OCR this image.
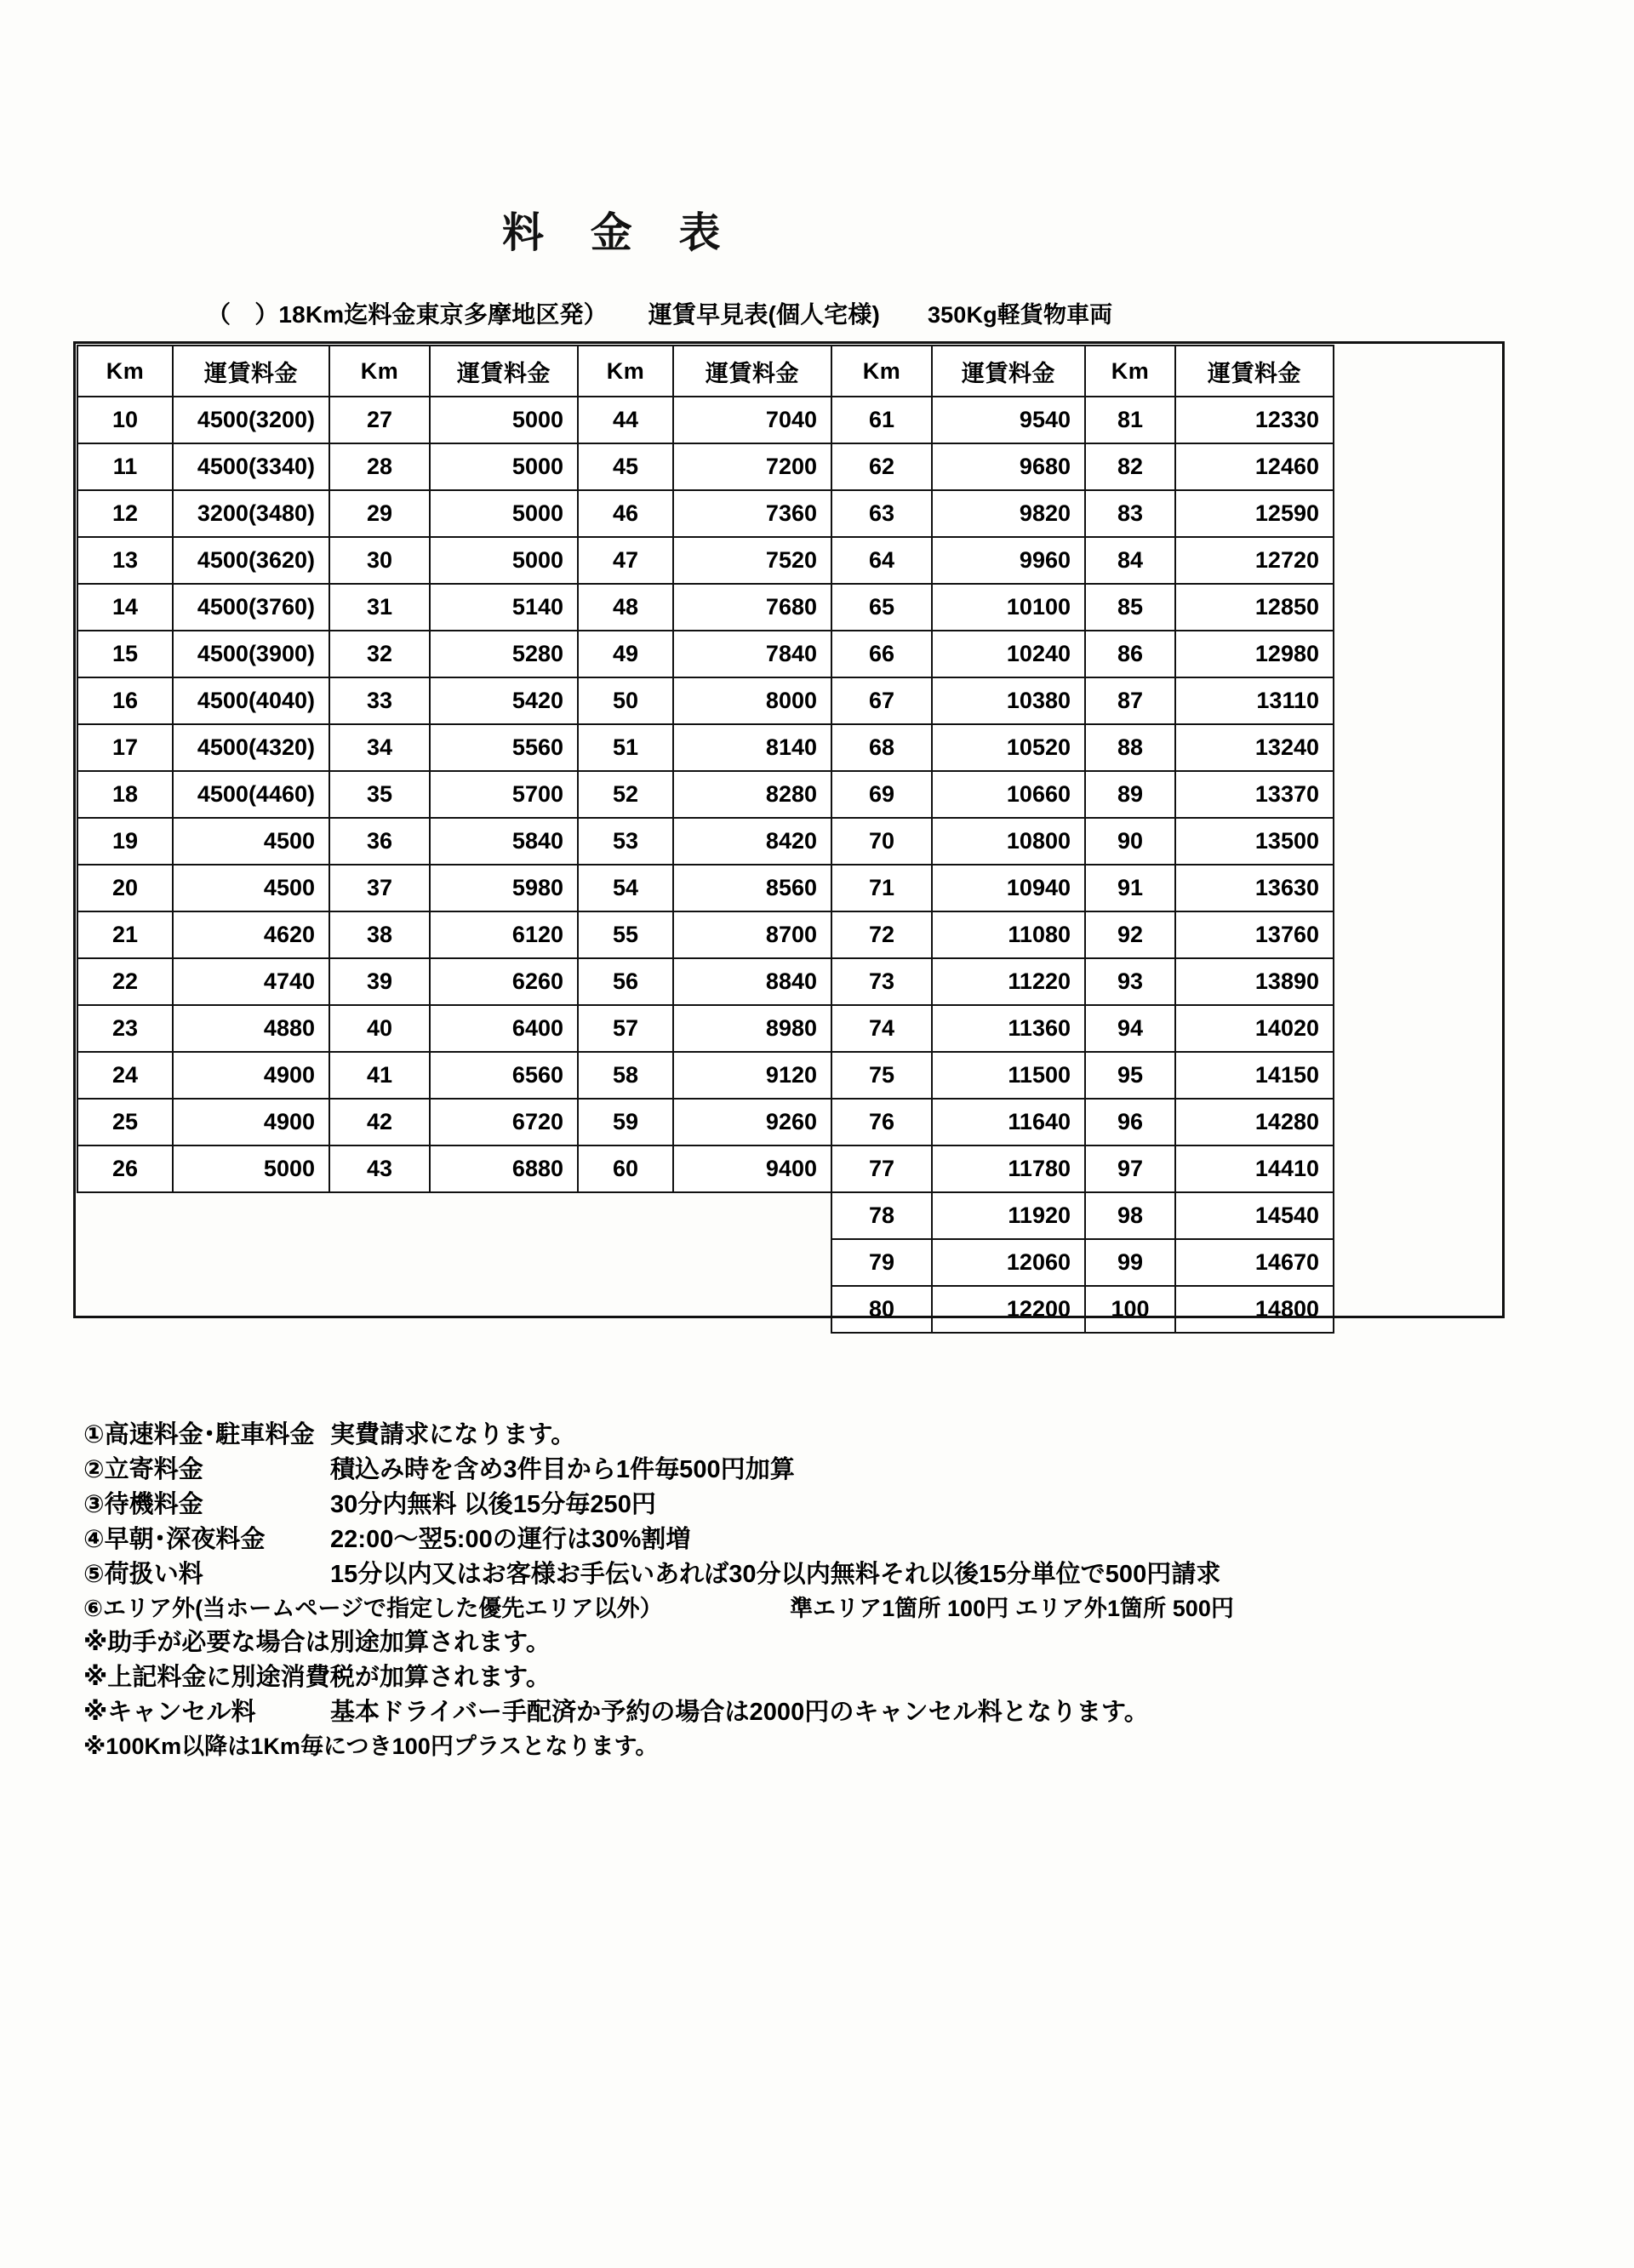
料 金 表
（　）18Km迄料金東京多摩地区発） 運賃早見表(個人宅様) 350Kg軽貨物車両
Km	運賃料金	Km	運賃料金	Km	運賃料金	Km	運賃料金	Km	運賃料金
10	4500(3200)	27	5000	44	7040	61	9540	81	12330
11	4500(3340)	28	5000	45	7200	62	9680	82	12460
12	3200(3480)	29	5000	46	7360	63	9820	83	12590
13	4500(3620)	30	5000	47	7520	64	9960	84	12720
14	4500(3760)	31	5140	48	7680	65	10100	85	12850
15	4500(3900)	32	5280	49	7840	66	10240	86	12980
16	4500(4040)	33	5420	50	8000	67	10380	87	13110
17	4500(4320)	34	5560	51	8140	68	10520	88	13240
18	4500(4460)	35	5700	52	8280	69	10660	89	13370
19	4500	36	5840	53	8420	70	10800	90	13500
20	4500	37	5980	54	8560	71	10940	91	13630
21	4620	38	6120	55	8700	72	11080	92	13760
22	4740	39	6260	56	8840	73	11220	93	13890
23	4880	40	6400	57	8980	74	11360	94	14020
24	4900	41	6560	58	9120	75	11500	95	14150
25	4900	42	6720	59	9260	76	11640	96	14280
26	5000	43	6880	60	9400	77	11780	97	14410
						78	11920	98	14540
						79	12060	99	14670
						80	12200	100	14800
①高速料金･駐車料金 実費請求になります。
②立寄料金	積込み時を含め3件目から1件毎500円加算
③待機料金	30分内無料 以後15分毎250円
④早朝･深夜料金	22:00〜翌5:00の運行は30%割増
⑤荷扱い料	15分以内又はお客様お手伝いあれば30分以内無料それ以後15分単位で500円請求
⑥エリア外(当ホームページで指定した優先エリア以外）	準エリア1箇所 100円 エリア外1箇所 500円
※助手が必要な場合は別途加算されます。
※上記料金に別途消費税が加算されます。
※キャンセル料	基本ドライバー手配済か予約の場合は2000円のキャンセル料となります。
※100Km以降は1Km毎につき100円プラスとなります。
